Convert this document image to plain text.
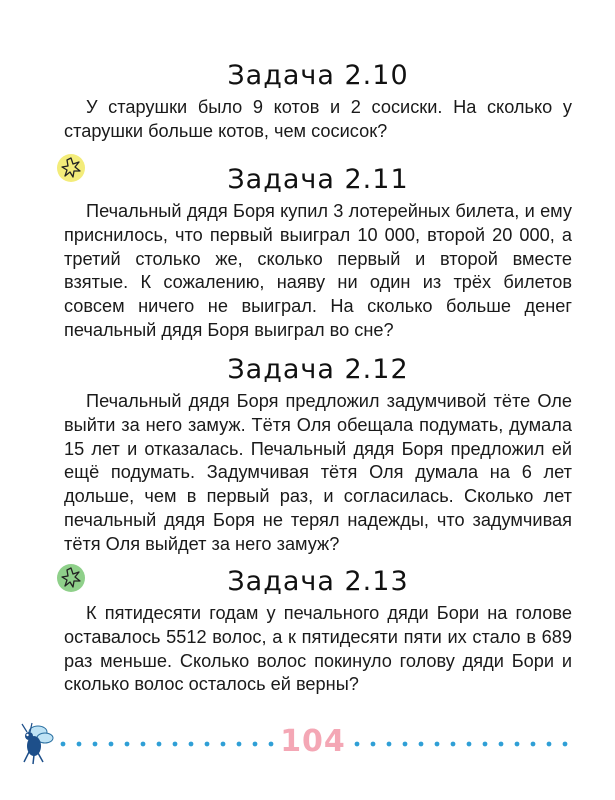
Задача 2.10

У старушки было 9 котов и 2 сосиски. На сколько у старушки больше котов, чем сосисок?

Задача 2.11

Печальный дядя Боря купил 3 лотерейных билета, и ему приснилось, что первый выиграл 10 000, второй 20 000, а третий столько же, сколько первый и второй вместе взятые. К сожалению, наяву ни один из трёх билетов совсем ничего не выиграл. На сколько больше денег печальный дядя Боря выиграл во сне?

Задача 2.12

Печальный дядя Боря предложил задумчивой тёте Оле выйти за него замуж. Тётя Оля обещала подумать, думала 15 лет и отказалась. Печальный дядя Боря предложил ей ещё подумать. Задумчивая тётя Оля думала на 6 лет дольше, чем в первый раз, и согласилась. Сколько лет печальный дядя Боря не терял надежды, что задумчивая тётя Оля выйдет за него замуж?

Задача 2.13

К пятидесяти годам у печального дяди Бори на голове оставалось 5512 волос, а к пятидесяти пяти их стало в 689 раз меньше. Сколько волос покинуло голову дяди Бори и сколько волос осталось ей верны?

104
